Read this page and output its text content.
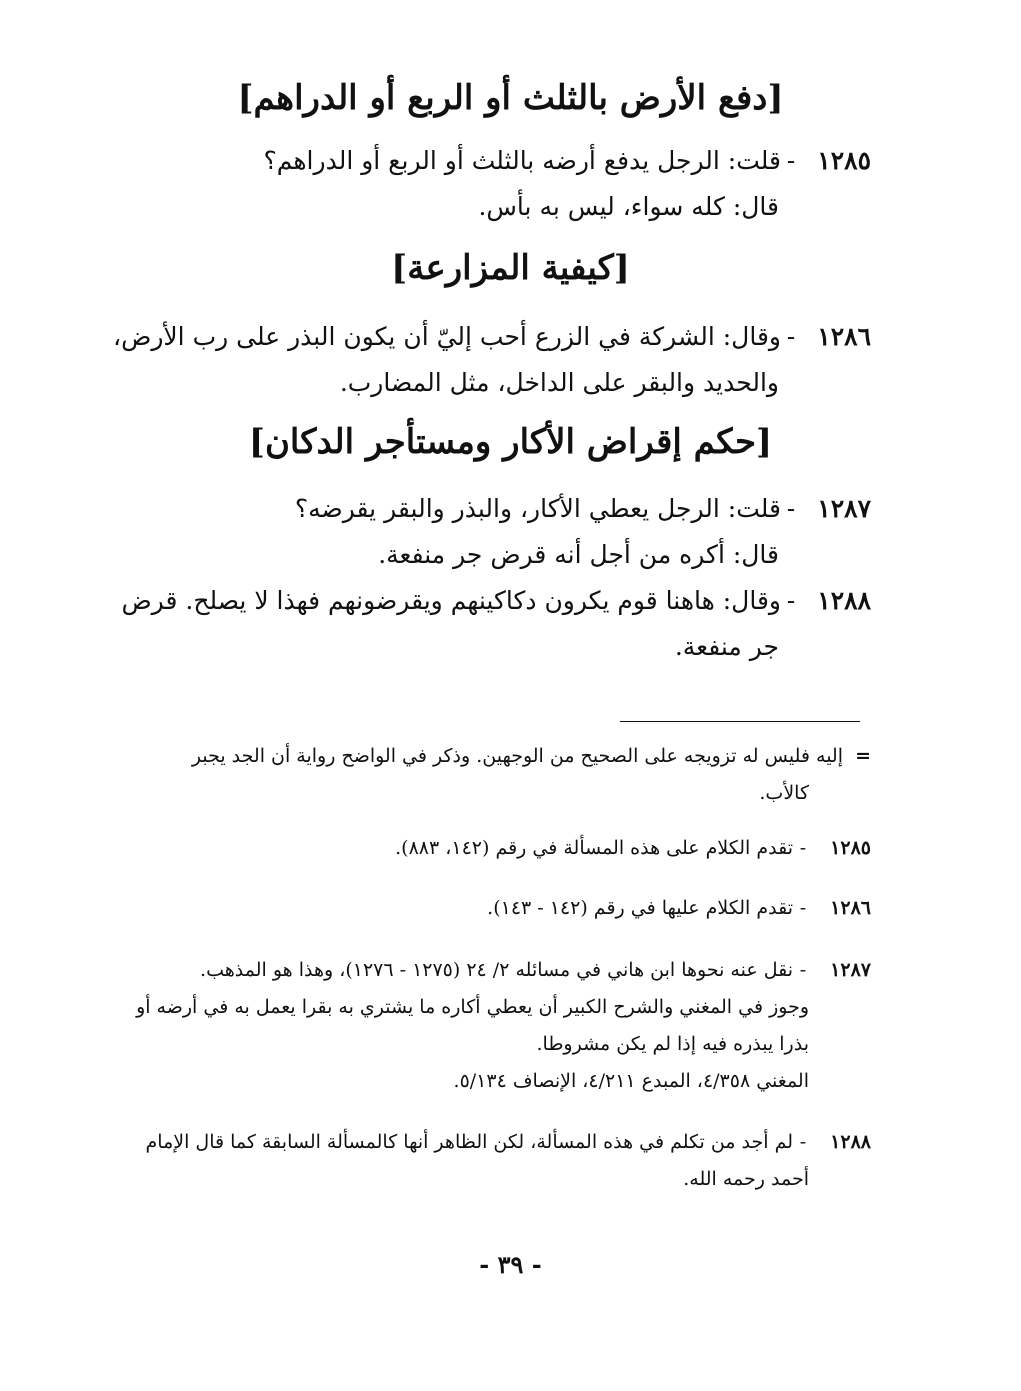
[دفع الأرض بالثلث أو الربع أو الدراهم]
١٢٨٥-قلت: الرجل يدفع أرضه بالثلث أو الربع أو الدراهم؟
قال: كله سواء، ليس به بأس.
[كيفية المزارعة]
١٢٨٦-وقال: الشركة في الزرع أحب إليّ أن يكون البذر على رب الأرض،
والحديد والبقر على الداخل، مثل المضارب.
[حكم إقراض الأكار ومستأجر الدكان]
١٢٨٧-قلت: الرجل يعطي الأكار، والبذر والبقر يقرضه؟
قال: أكره من أجل أنه قرض جر منفعة.
١٢٨٨-وقال: هاهنا قوم يكرون دكاكينهم ويقرضونهم فهذا لا يصلح. قرض
جر منفعة.
=إليه فليس له تزويجه على الصحيح من الوجهين. وذكر في الواضح رواية أن الجد يجبر
كالأب.
١٢٨٥-تقدم الكلام على هذه المسألة في رقم (١٤٢، ٨٨٣).
١٢٨٦-تقدم الكلام عليها في رقم (١٤٢ - ١٤٣).
١٢٨٧-نقل عنه نحوها ابن هاني في مسائله ٢/ ٢٤ (١٢٧٥ - ١٢٧٦)، وهذا هو المذهب.
وجوز في المغني والشرح الكبير أن يعطي أكاره ما يشتري به بقرا يعمل به في أرضه أو
بذرا يبذره فيه إذا لم يكن مشروطا.
المغني ٤/٣٥٨، المبدع ٤/٢١١، الإنصاف ٥/١٣٤.
١٢٨٨-لم أجد من تكلم في هذه المسألة، لكن الظاهر أنها كالمسألة السابقة كما قال الإمام
أحمد رحمه الله.
- ٣٩ -
